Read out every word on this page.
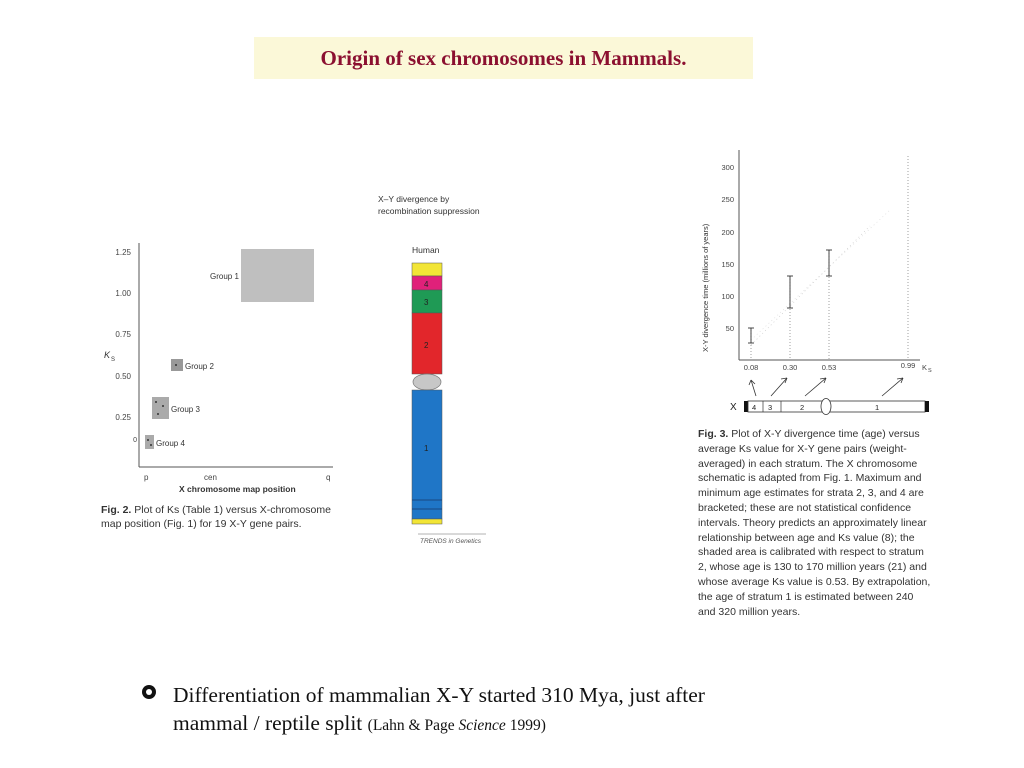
Origin of sex chromosomes in Mammals.
1.25
1.00
0.75
0.50
0.25
0
K S
Group 1
Group 2
Group 3
Group 4
p	cen	q
X chromosome map position
X–Y divergence by
recombination suppression
Human
4
3
2
1
TRENDS in Genetics
300
250
200
150
100
50
X-Y divergence time (millions of years)
0.08	0.30	0.53	0.99 K S
X 4 3	2	1
Fig. 2. Plot of Ks (Table 1) versus X-chromosome map position (Fig. 1) for 19 X-Y gene pairs.
Fig. 3. Plot of X-Y divergence time (age) versus
average Ks value for X-Y gene pairs (weight-
averaged) in each stratum. The X chromosome
schematic is adapted from Fig. 1. Maximum and
minimum age estimates for strata 2, 3, and 4 are
bracketed; these are not statistical confidence
intervals. Theory predicts an approximately linear
relationship between age and Ks value (8); the
shaded area is calibrated with respect to stratum
2, whose age is 130 to 170 million years (21) and
whose average Ks value is 0.53. By extrapolation,
the age of stratum 1 is estimated between 240
and 320 million years.
Differentiation of mammalian X-Y started 310 Mya, just after
mammal / reptile split (Lahn & Page Science 1999)
